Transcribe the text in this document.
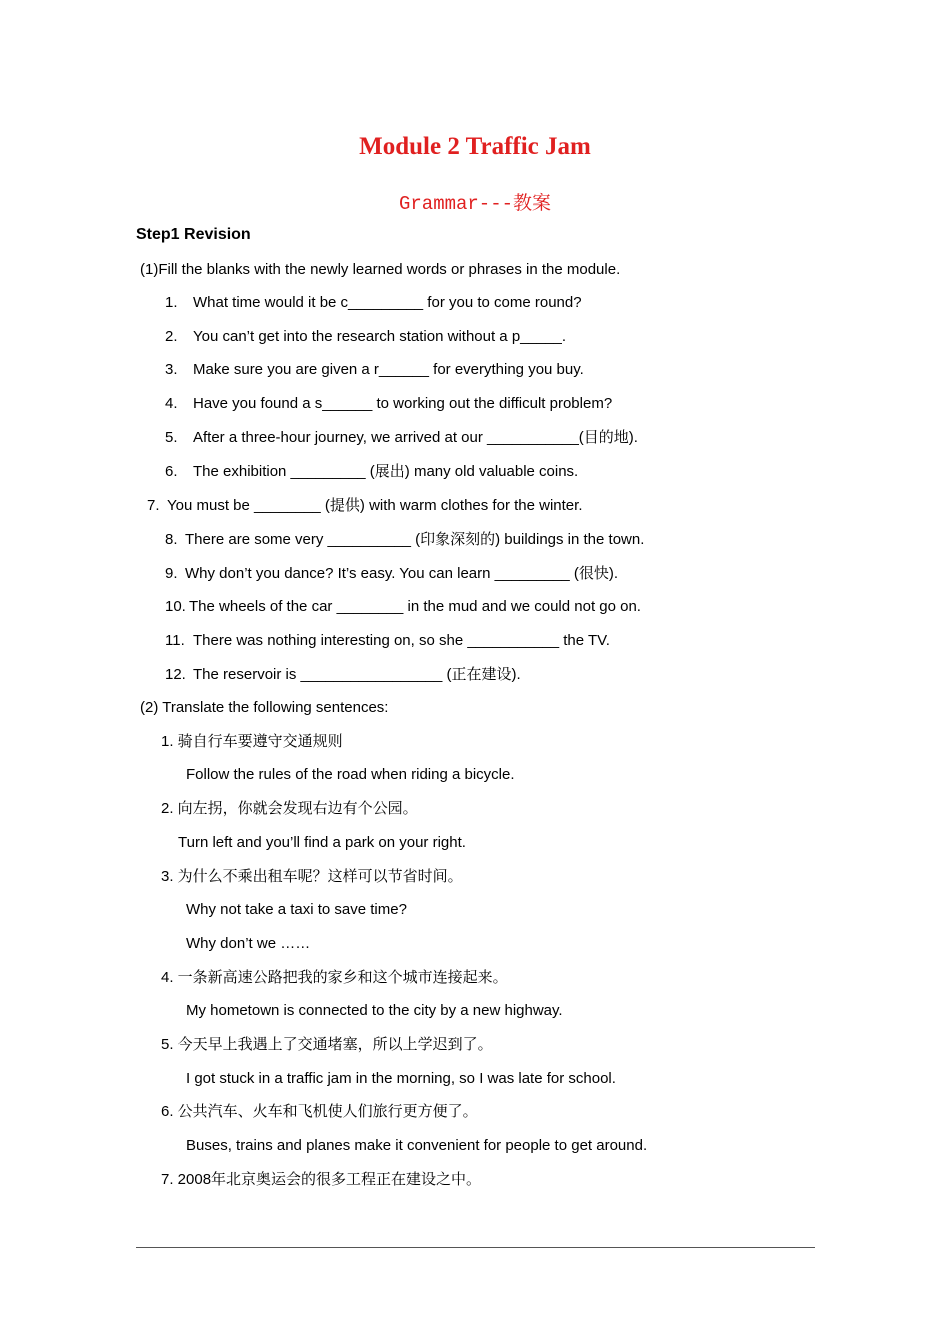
Module 2 Traffic Jam
Grammar---教案
Step1 Revision
(1)Fill the blanks with the newly learned words or phrases in the module.
1. What time would it be c_________ for you to come round?
2. You can’t get into the research station without a p_____.
3. Make sure you are given a r______ for everything you buy.
4. Have you found a s______ to working out the difficult problem?
5. After a three-hour journey, we arrived at our ___________(目的地).
6. The exhibition _________ (展出) many old valuable coins.
7. You must be ________ (提供) with warm clothes for the winter.
8. There are some very __________ (印象深刻的) buildings in the town.
9. Why don’t you dance? It’s easy. You can learn _________ (很快).
10. The wheels of the car ________ in the mud and we could not go on.
11. There was nothing interesting on, so she ___________ the TV.
12. The reservoir is _________________ (正在建设).
(2) Translate the following sentences:
1. 骑自行车要遵守交通规则
Follow the rules of the road when riding a bicycle.
2. 向左拐，你就会发现右边有个公园。
Turn left and you’ll find a park on your right.
3. 为什么不乘出租车呢？这样可以节省时间。
Why not take a taxi to save time?
Why don’t we ……
4. 一条新高速公路把我的家乡和这个城市连接起来。
My hometown is connected to the city by a new highway.
5. 今天早上我遇上了交通堵塞，所以上学迟到了。
I got stuck in a traffic jam in the morning, so I was late for school.
6. 公共汽车、火车和飞机使人们旅行更方便了。
Buses, trains and planes make it convenient for people to get around.
7. 2008年北京奥运会的很多工程正在建设之中。
